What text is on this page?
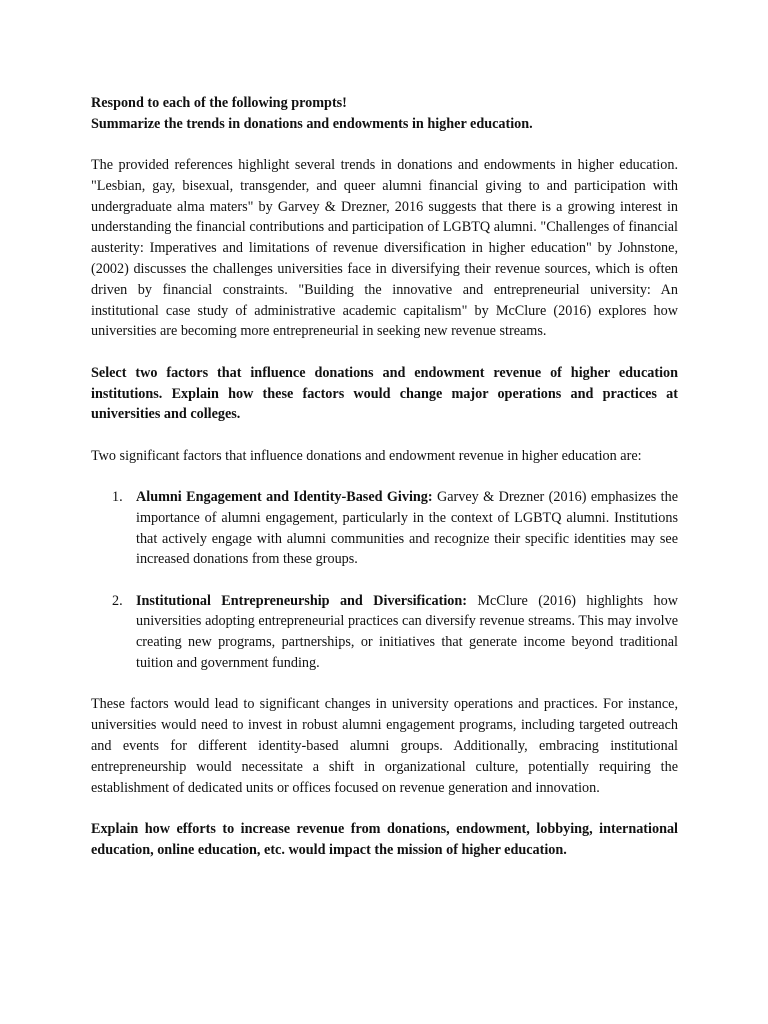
Respond to each of the following prompts!
Summarize the trends in donations and endowments in higher education.

The provided references highlight several trends in donations and endowments in higher education. "Lesbian, gay, bisexual, transgender, and queer alumni financial giving to and participation with undergraduate alma maters" by Garvey & Drezner, 2016 suggests that there is a growing interest in understanding the financial contributions and participation of LGBTQ alumni. "Challenges of financial austerity: Imperatives and limitations of revenue diversification in higher education" by Johnstone, (2002) discusses the challenges universities face in diversifying their revenue sources, which is often driven by financial constraints. "Building the innovative and entrepreneurial university: An institutional case study of administrative academic capitalism" by McClure (2016) explores how universities are becoming more entrepreneurial in seeking new revenue streams.

Select two factors that influence donations and endowment revenue of higher education institutions. Explain how these factors would change major operations and practices at universities and colleges.

Two significant factors that influence donations and endowment revenue in higher education are:

1. Alumni Engagement and Identity-Based Giving: Garvey & Drezner (2016) emphasizes the importance of alumni engagement, particularly in the context of LGBTQ alumni. Institutions that actively engage with alumni communities and recognize their specific identities may see increased donations from these groups.
2. Institutional Entrepreneurship and Diversification: McClure (2016) highlights how universities adopting entrepreneurial practices can diversify revenue streams. This may involve creating new programs, partnerships, or initiatives that generate income beyond traditional tuition and government funding.

These factors would lead to significant changes in university operations and practices. For instance, universities would need to invest in robust alumni engagement programs, including targeted outreach and events for different identity-based alumni groups. Additionally, embracing institutional entrepreneurship would necessitate a shift in organizational culture, potentially requiring the establishment of dedicated units or offices focused on revenue generation and innovation.

Explain how efforts to increase revenue from donations, endowment, lobbying, international education, online education, etc. would impact the mission of higher education.
